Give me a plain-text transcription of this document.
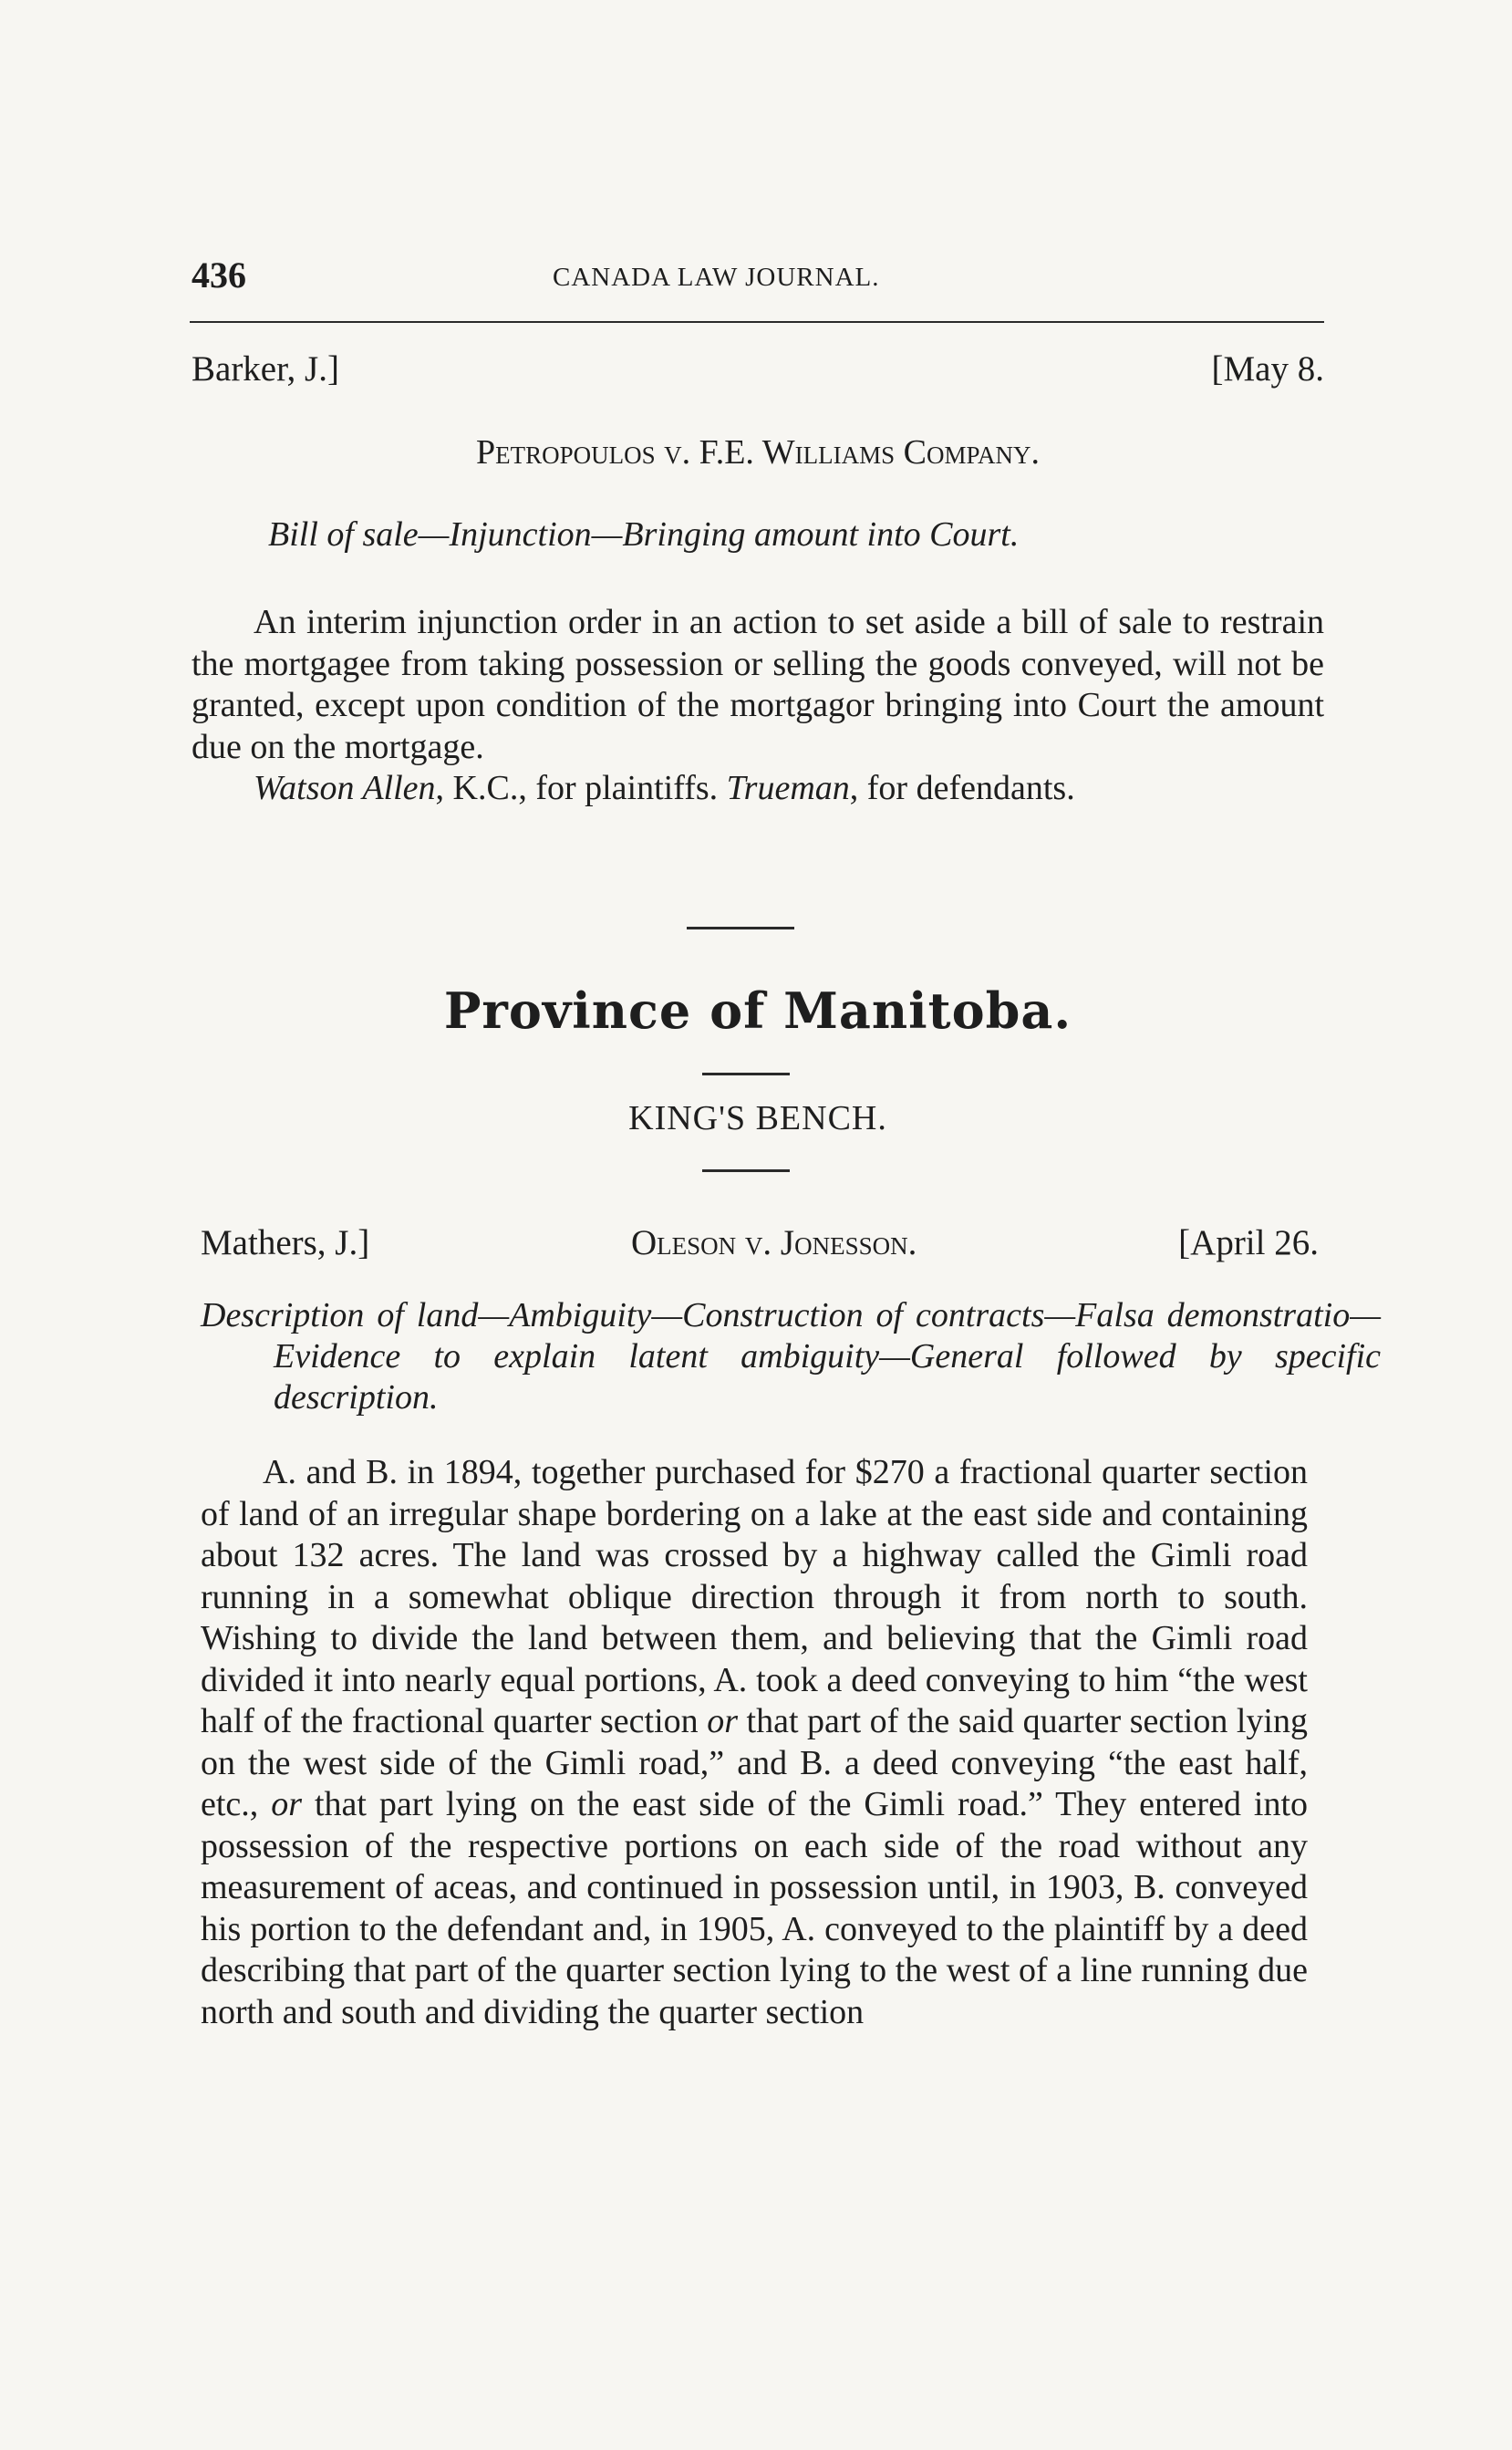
436	CANADA LAW JOURNAL.
Barker, J.]	[May 8.
Petropoulos v. F.E. Williams Company.
Bill of sale—Injunction—Bringing amount into Court.

An interim injunction order in an action to set aside a bill of sale to restrain the mortgagee from taking possession or selling the goods conveyed, will not be granted, except upon condition of the mortgagor bringing into Court the amount due on the mortgage.

Watson Allen, K.C., for plaintiffs. Trueman, for defendants.

Province of Manitoba.
KING'S BENCH.
Mathers, J.]	Oleson v. Jonesson.	[April 26.
Description of land—Ambiguity—Construction of contracts—Falsa demonstratio—Evidence to explain latent ambiguity—General followed by specific description.

A. and B. in 1894, together purchased for $270 a fractional quarter section of land of an irregular shape bordering on a lake at the east side and containing about 132 acres. The land was crossed by a highway called the Gimli road running in a somewhat oblique direction through it from north to south. Wishing to divide the land between them, and believing that the Gimli road divided it into nearly equal portions, A. took a deed conveying to him “the west half of the fractional quarter section or that part of the said quarter section lying on the west side of the Gimli road,” and B. a deed conveying “the east half, etc., or that part lying on the east side of the Gimli road.” They entered into possession of the respective portions on each side of the road without any measurement of aceas, and continued in possession until, in 1903, B. conveyed his portion to the defendant and, in 1905, A. conveyed to the plaintiff by a deed describing that part of the quarter section lying to the west of a line running due north and south and dividing the quarter section
